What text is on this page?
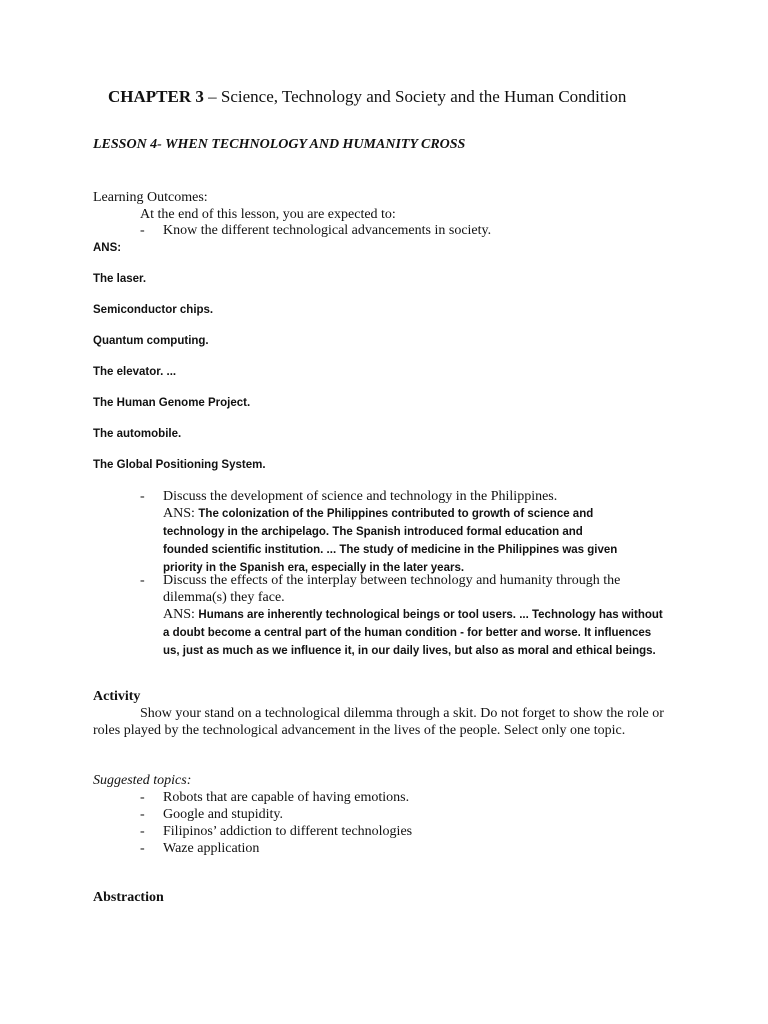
CHAPTER 3 – Science, Technology and Society and the Human Condition
LESSON 4- WHEN TECHNOLOGY AND HUMANITY CROSS
Learning Outcomes:
At the end of this lesson, you are expected to:
-	Know the different technological advancements in society.
ANS:
The laser.
Semiconductor chips.
Quantum computing.
The elevator. ...
The Human Genome Project.
The automobile.
The Global Positioning System.
-	Discuss the development of science and technology in the Philippines.
ANS: The colonization of the Philippines contributed to growth of science and technology in the archipelago. The Spanish introduced formal education and founded scientific institution. ... The study of medicine in the Philippines was given priority in the Spanish era, especially in the later years.
-	Discuss the effects of the interplay between technology and humanity through the dilemma(s) they face.
ANS: Humans are inherently technological beings or tool users. ... Technology has without a doubt become a central part of the human condition - for better and worse. It influences us, just as much as we influence it, in our daily lives, but also as moral and ethical beings.
Activity
Show your stand on a technological dilemma through a skit. Do not forget to show the role or roles played by the technological advancement in the lives of the people. Select only one topic.
Suggested topics:
-	Robots that are capable of having emotions.
-	Google and stupidity.
-	Filipinos’ addiction to different technologies
-	Waze application
Abstraction
